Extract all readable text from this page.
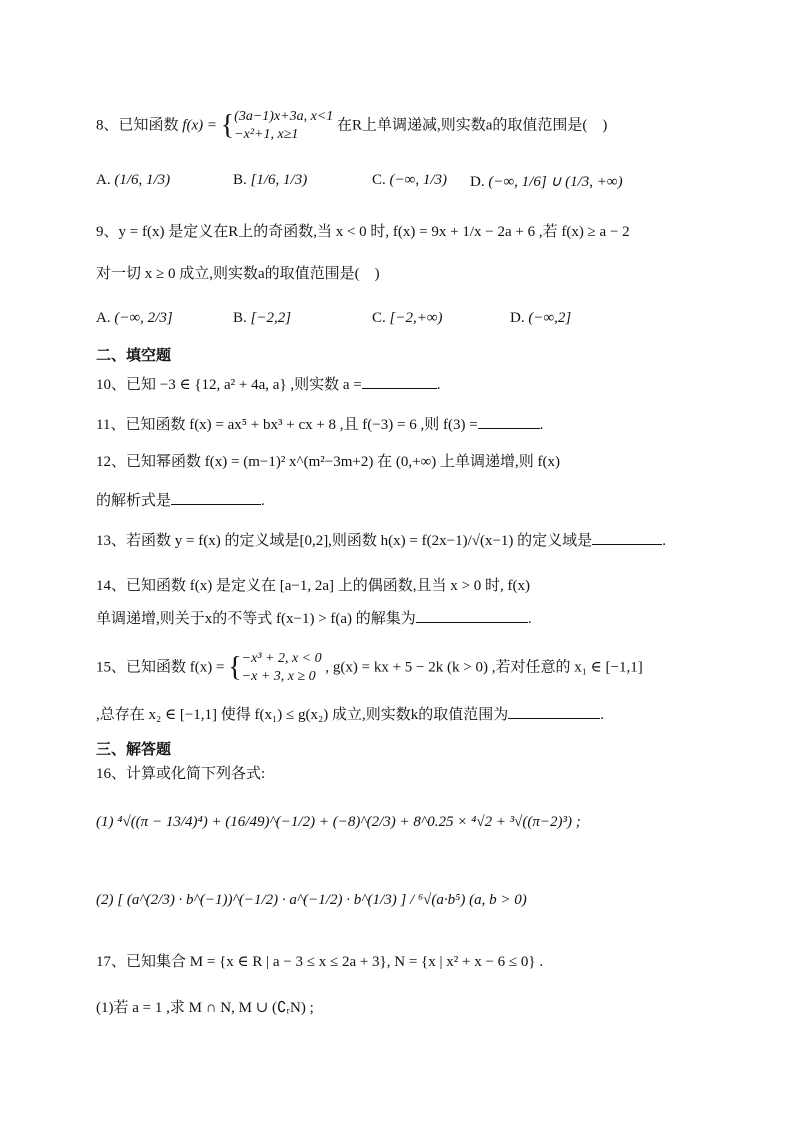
8、已知函数 f(x) = { (3a−1)x+3a, x<1
−x²+1, x≥1
在R上单调递减,则实数a的取值范围是(　)
A. (1/6, 1/3)	B. [1/6, 1/3)	C. (−∞, 1/3) D. (−∞, 1/6] ∪ (1/3, +∞)
9、y = f(x) 是定义在R上的奇函数,当 x < 0 时, f(x) = 9x + 1/x − 2a + 6 ,若 f(x) ≥ a − 2
对一切 x ≥ 0 成立,则实数a的取值范围是(　)
A. (−∞, 2/3]	B. [−2,2]	C. [−2,+∞)	D. (−∞,2]
二、填空题
10、已知 −3 ∈ {12, a² + 4a, a} ,则实数 a =	.
11、已知函数 f(x) = ax⁵ + bx³ + cx + 8 ,且 f(−3) = 6 ,则 f(3) =	.
12、已知幂函数 f(x) = (m−1)² x^(m²−3m+2) 在 (0,+∞) 上单调递增,则 f(x)
的解析式是	.
13、若函数 y = f(x) 的定义域是[0,2],则函数 h(x) = f(2x−1)/√(x−1) 的定义域是	.
14、已知函数 f(x) 是定义在 [a−1, 2a] 上的偶函数,且当 x > 0 时, f(x)
单调递增,则关于x的不等式 f(x−1) > f(a) 的解集为	.
15、已知函数 f(x) = { −x³ + 2, x < 0
−x + 3, x ≥ 0
, g(x) = kx + 5 − 2k (k > 0) ,若对任意的 x₁ ∈ [−1,1]
,总存在 x₂ ∈ [−1,1] 使得 f(x₁) ≤ g(x₂) 成立,则实数k的取值范围为	.
三、解答题
16、计算或化简下列各式:
(1) ⁴√((π − 13/4)⁴) + (16/49)^(−1/2) + (−8)^(2/3) + 8^0.25 × ⁴√2 + ³√((π−2)³) ;
(2) [ (a^(2/3) · b^(−1))^(−1/2) · a^(−1/2) · b^(1/3) ] / ⁶√(a·b⁵) (a, b > 0)
17、已知集合 M = {x ∈ R | a − 3 ≤ x ≤ 2a + 3}, N = {x | x² + x − 6 ≤ 0} .
(1)若 a = 1 ,求 M ∩ N, M ∪ (∁ᵣN) ;
